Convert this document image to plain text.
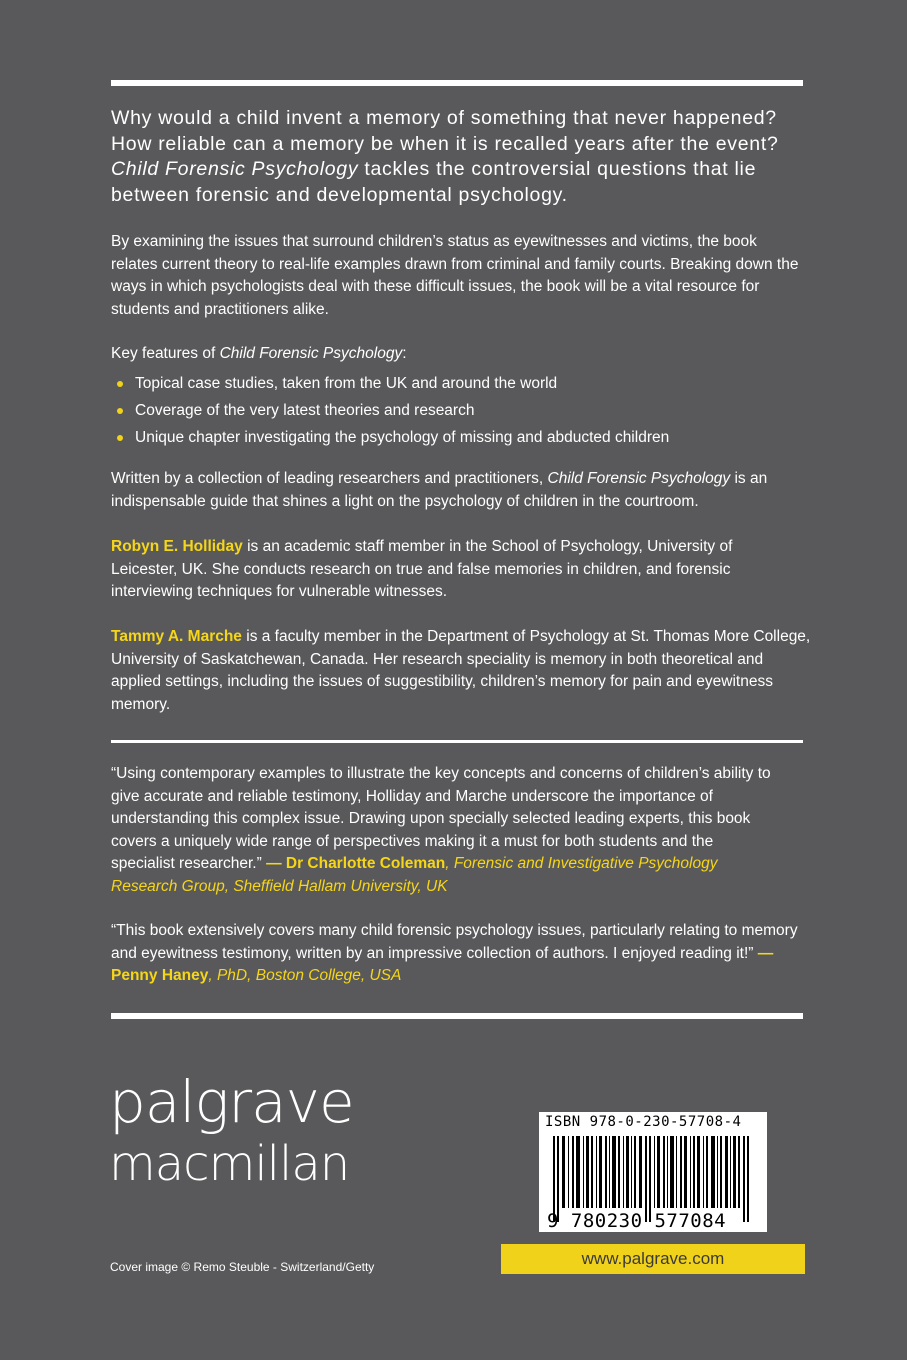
Why would a child invent a memory of something that never happened?
How reliable can a memory be when it is recalled years after the event?
Child Forensic Psychology tackles the controversial questions that lie
between forensic and developmental psychology.

By examining the issues that surround children’s status as eyewitnesses and victims, the book relates current theory to real-life examples drawn from criminal and family courts. Breaking down the ways in which psychologists deal with these difficult issues, the book will be a vital resource for students and practitioners alike.

Key features of Child Forensic Psychology:

Topical case studies, taken from the UK and around the world
Coverage of the very latest theories and research
Unique chapter investigating the psychology of missing and abducted children

Written by a collection of leading researchers and practitioners, Child Forensic Psychology is an indispensable guide that shines a light on the psychology of children in the courtroom.

Robyn E. Holliday is an academic staff member in the School of Psychology, University of Leicester, UK. She conducts research on true and false memories in children, and forensic interviewing techniques for vulnerable witnesses.

Tammy A. Marche is a faculty member in the Department of Psychology at St. Thomas More College, University of Saskatchewan, Canada. Her research speciality is memory in both theoretical and applied settings, including the issues of suggestibility, children’s memory for pain and eyewitness memory.

“Using contemporary examples to illustrate the key concepts and concerns of children’s ability to give accurate and reliable testimony, Holliday and Marche underscore the importance of understanding this complex issue. Drawing upon specially selected leading experts, this book covers a uniquely wide range of perspectives making it a must for both students and the specialist researcher.” — Dr Charlotte Coleman, Forensic and Investigative Psychology Research Group, Sheffield Hallam University, UK

“This book extensively covers many child forensic psychology issues, particularly relating to memory and eyewitness testimony, written by an impressive collection of authors. I enjoyed reading it!” — Penny Haney, PhD, Boston College, USA

palgrave
macmillan
ISBN 978-0-230-57708-4
9 780230 577084
www.palgrave.com
Cover image © Remo Steuble - Switzerland/Getty
